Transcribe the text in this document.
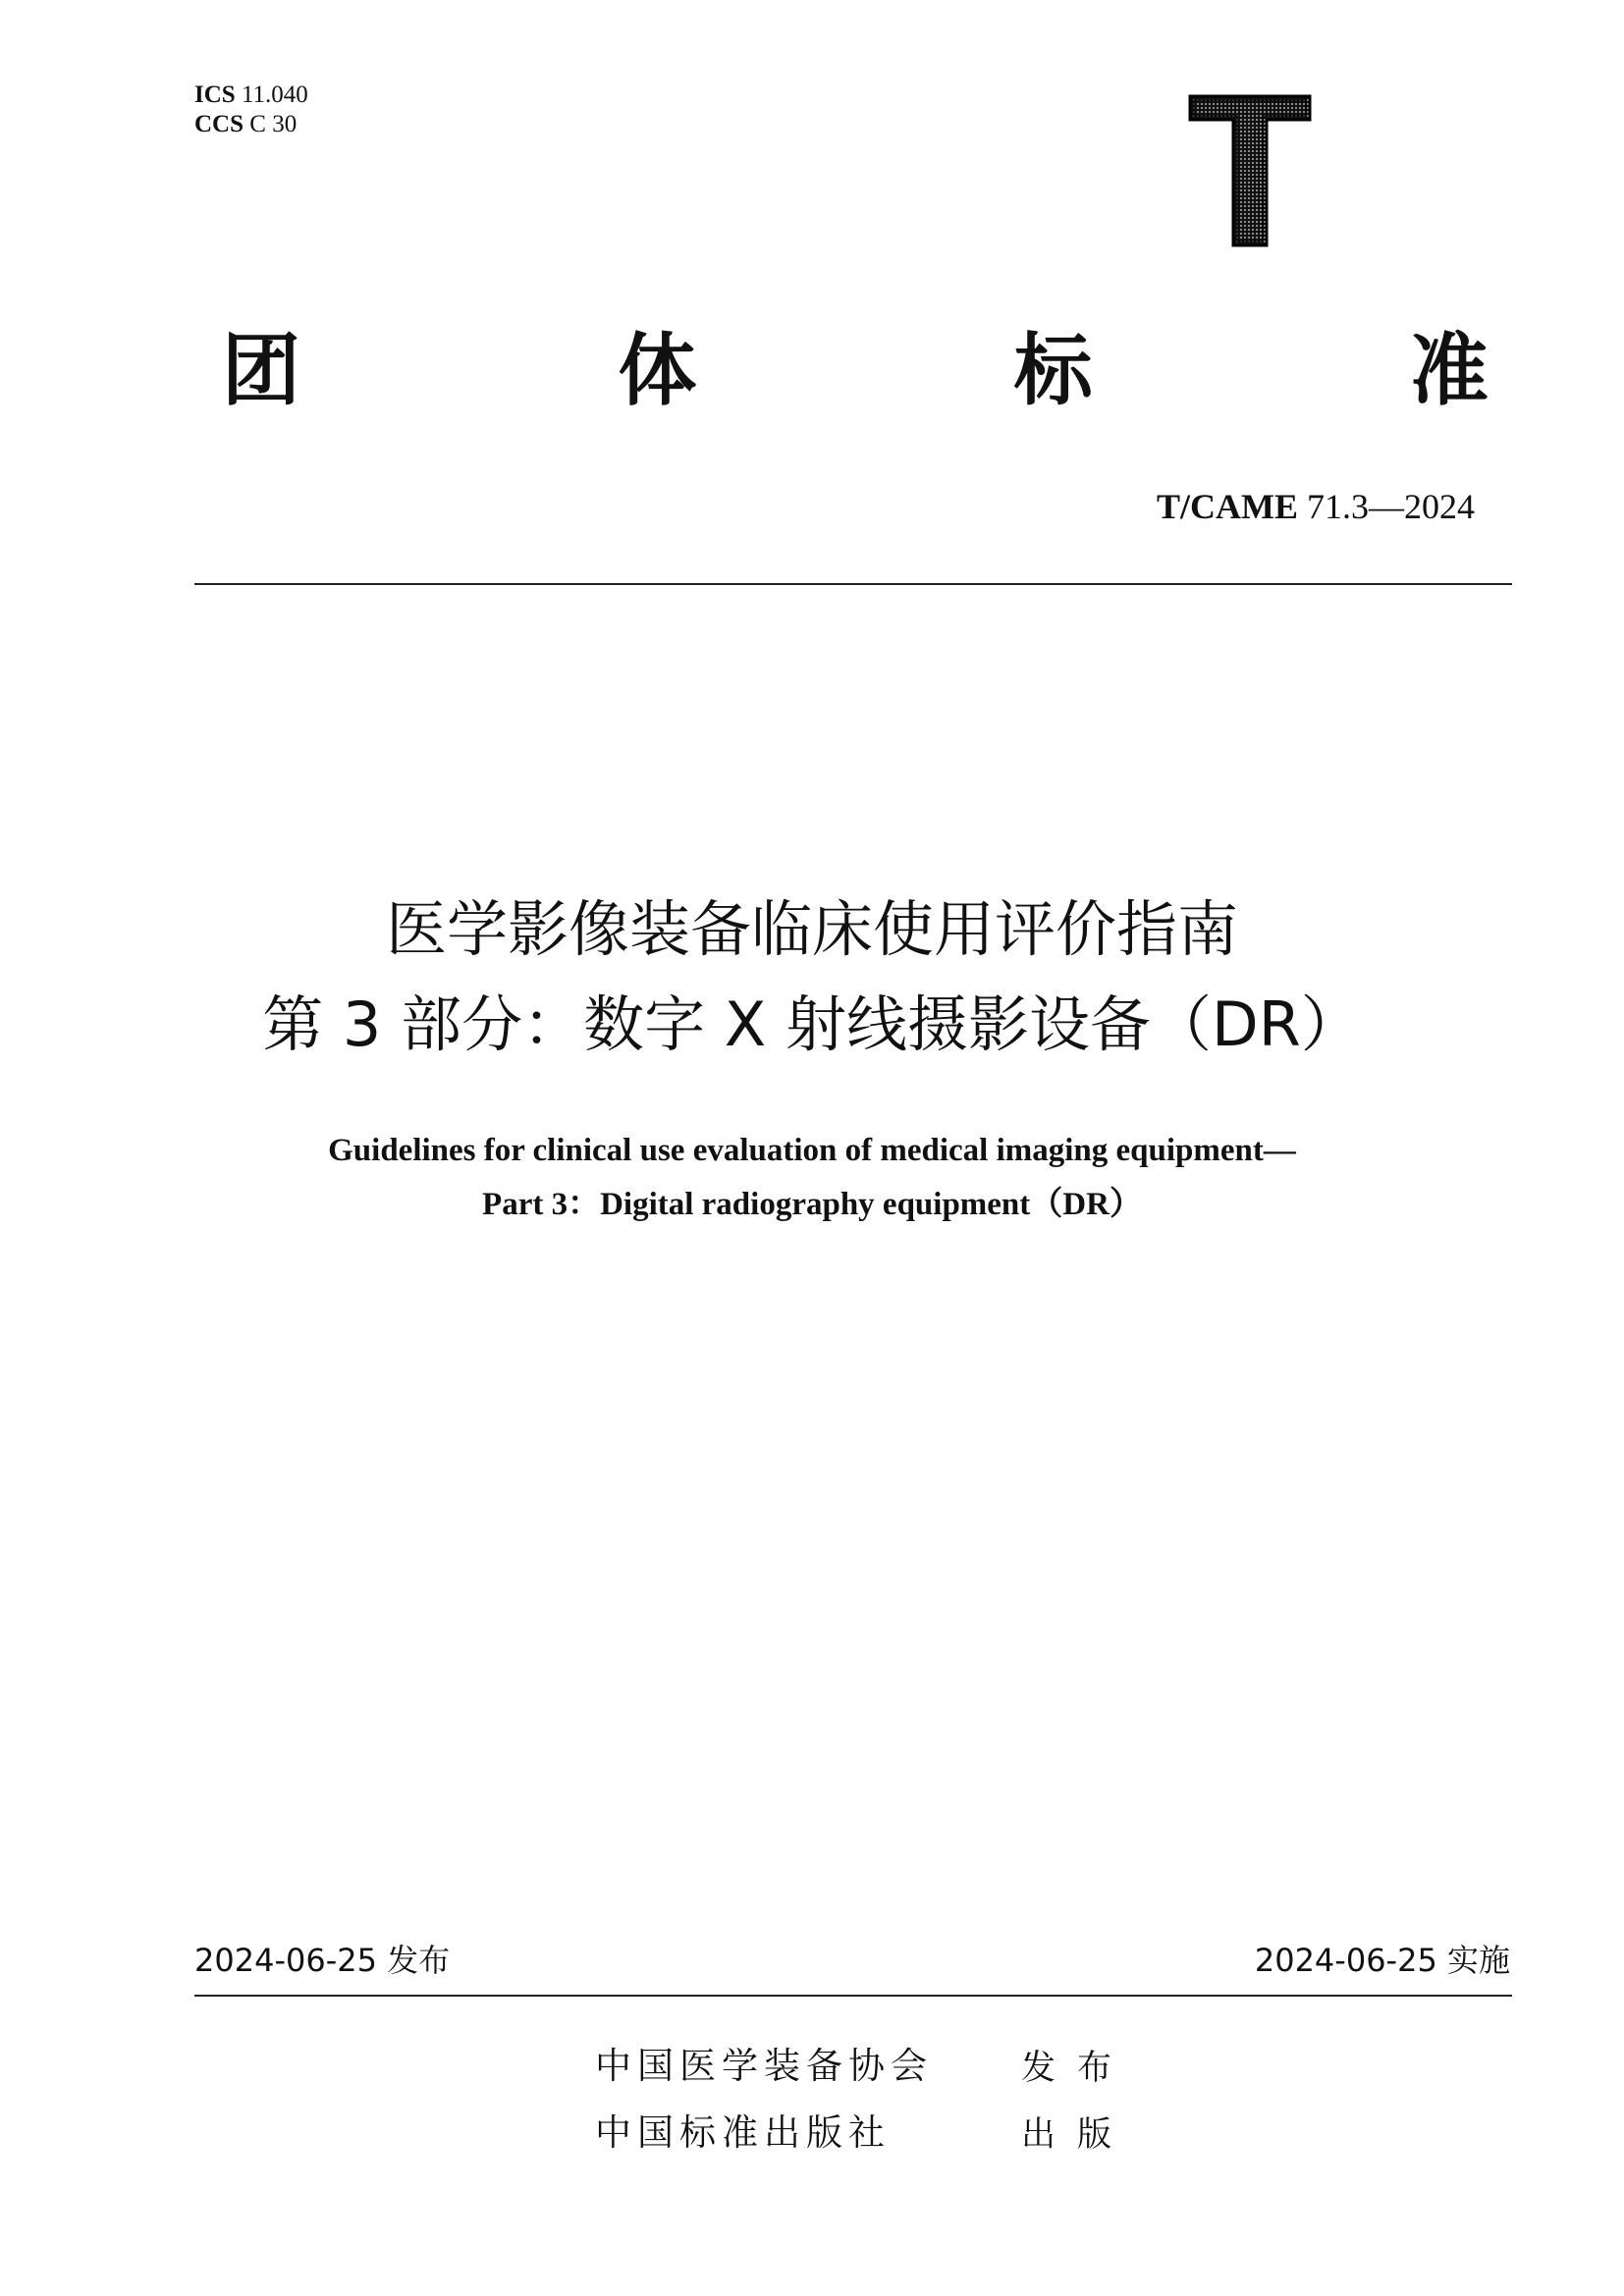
ICS 11.040
CCS C 30
团	体	标	准
T/CAME 71.3—2024
医学影像装备临床使用评价指南
第 3 部分：数字 X 射线摄影设备（DR）
Guidelines for clinical use evaluation of medical imaging equipment—
Part 3：Digital radiography equipment（DR）
2024-06-25 发布	2024-06-25 实施
中国医学装备协会	发布
中国标准出版社	出版
